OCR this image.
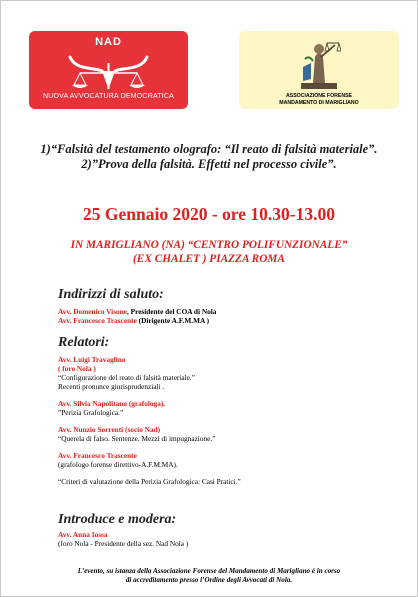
NAD
NUOVA AVVOCATURA DEMOCRATICA	ASSOCIAZIONE FORENSE
MANDAMENTO DI MARIGLIANO
1)“Falsità del testamento olografo: “Il reato di falsità materiale”.
2)”Prova della falsità. Effetti nel processo civile”.
25 Gennaio 2020 - ore 10.30-13.00
IN MARIGLIANO (NA) “CENTRO POLIFUNZIONALE”
(EX CHALET ) PIAZZA ROMA
Indirizzi di saluto:
Avv. Domenico Visone, Presidente del COA di Nola
Avv. Francesco Trascente (Dirigente A.F.M.MA )
Relatori:
Avv. Luigi Travaglino
( foro Nola )
“Configurazione del reato di falsità materiale.”
Recenti pronunce giurisprudenziali .
Avv. Silvia Napolitano (grafologa).
”Perizia Grafologica.”
Avv. Nunzio Sorrenti (socio Nad)
“Querela di falso. Sentenze. Mezzi di impugnazione.”
Avv. Francesco Trascente
(grafologo forense direttivo-A.F.M.MA).
“Criteri di valutazione della Perizia Grafologica: Casi Pratici.”
Introduce e modera:
Avv. Anna Iossa
(foro Nola - Presidente della sez. Nad Nola )
L’evento, su istanza della Associazione Forense del Mandamento di Marigliano è in corso
di accreditamento presso l’Ordine degli Avvocati di Nola.
